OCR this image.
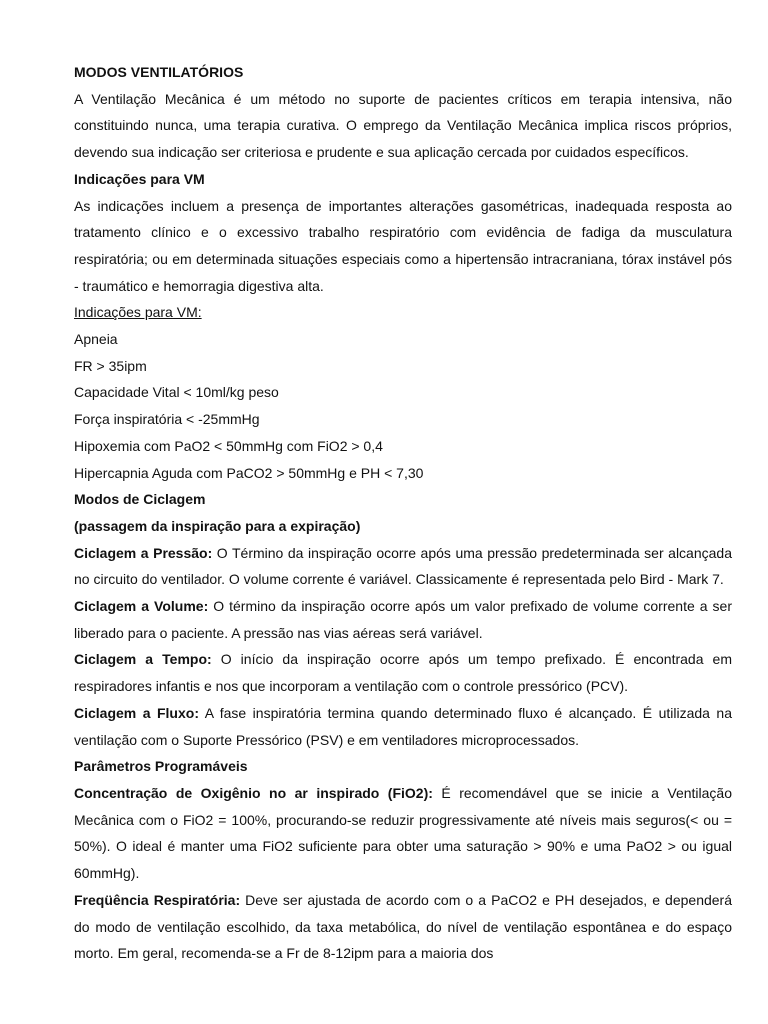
MODOS VENTILATÓRIOS

A Ventilação Mecânica é um método no suporte de pacientes críticos em terapia intensiva, não constituindo nunca, uma terapia curativa. O emprego da Ventilação Mecânica implica riscos próprios, devendo sua indicação ser criteriosa e prudente e sua aplicação cercada por cuidados específicos.

Indicações para VM

As indicações incluem a presença de importantes alterações gasométricas, inadequada resposta ao tratamento clínico e o excessivo trabalho respiratório com evidência de fadiga da musculatura respiratória; ou em determinada situações especiais como a hipertensão intracraniana, tórax instável pós - traumático e hemorragia digestiva alta.

Indicações para VM:

Apneia

FR > 35ipm

Capacidade Vital < 10ml/kg peso

Força inspiratória < -25mmHg

Hipoxemia com PaO2 < 50mmHg com FiO2 > 0,4

Hipercapnia Aguda com PaCO2 > 50mmHg e PH < 7,30

Modos de Ciclagem

(passagem da inspiração para a expiração)

Ciclagem a Pressão: O Término da inspiração ocorre após uma pressão predeterminada ser alcançada no circuito do ventilador. O volume corrente é variável. Classicamente é representada pelo Bird - Mark 7.

Ciclagem a Volume: O término da inspiração ocorre após um valor prefixado de volume corrente a ser liberado para o paciente. A pressão nas vias aéreas será variável.

Ciclagem a Tempo: O início da inspiração ocorre após um tempo prefixado. É encontrada em respiradores infantis e nos que incorporam a ventilação com o controle pressórico (PCV).

Ciclagem a Fluxo: A fase inspiratória termina quando determinado fluxo é alcançado. É utilizada na ventilação com o Suporte Pressórico (PSV) e em ventiladores microprocessados.

Parâmetros Programáveis

Concentração de Oxigênio no ar inspirado (FiO2): É recomendável que se inicie a Ventilação Mecânica com o FiO2 = 100%, procurando-se reduzir progressivamente até níveis mais seguros(< ou = 50%). O ideal é manter uma FiO2 suficiente para obter uma saturação > 90% e uma PaO2 > ou igual 60mmHg).

Freqüência Respiratória: Deve ser ajustada de acordo com o a PaCO2 e PH desejados, e dependerá do modo de ventilação escolhido, da taxa metabólica, do nível de ventilação espontânea e do espaço morto. Em geral, recomenda-se a Fr de 8-12ipm para a maioria dos
